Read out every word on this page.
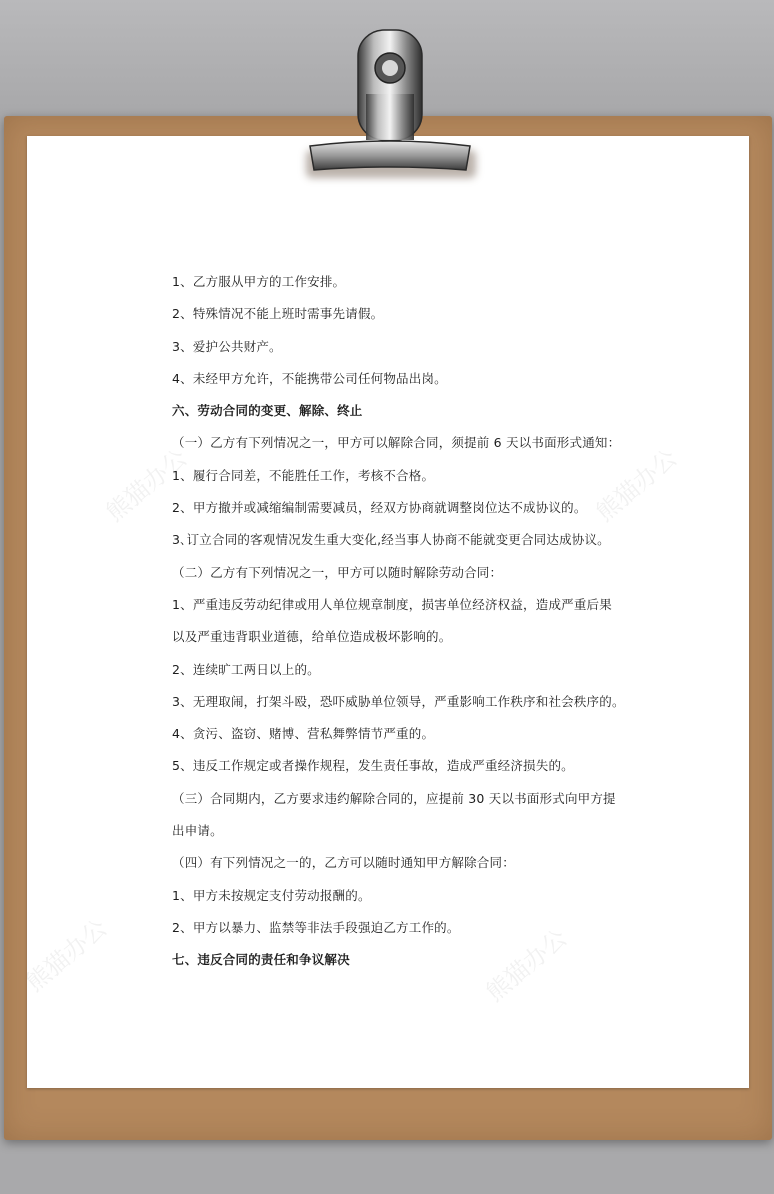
熊猫办公	熊猫办公
熊猫办公	熊猫办公
1、乙方服从甲方的工作安排。
2、特殊情况不能上班时需事先请假。
3、爱护公共财产。
4、未经甲方允许，不能携带公司任何物品出岗。
六、劳动合同的变更、解除、终止
（一）乙方有下列情况之一，甲方可以解除合同，须提前 6 天以书面形式通知：
1、履行合同差，不能胜任工作，考核不合格。
2、甲方撤并或减缩编制需要减员，经双方协商就调整岗位达不成协议的。
3､订立合同的客观情况发生重大变化,经当事人协商不能就变更合同达成协议。
（二）乙方有下列情况之一，甲方可以随时解除劳动合同：
1、严重违反劳动纪律或用人单位规章制度，损害单位经济权益，造成严重后果
以及严重违背职业道德，给单位造成极坏影响的。
2、连续旷工两日以上的。
3、无理取闹，打架斗殴，恐吓威胁单位领导，严重影响工作秩序和社会秩序的。
4、贪污、盗窃、赌博、营私舞弊情节严重的。
5、违反工作规定或者操作规程，发生责任事故，造成严重经济损失的。
（三）合同期内，乙方要求违约解除合同的，应提前 30 天以书面形式向甲方提
出申请。
（四）有下列情况之一的，乙方可以随时通知甲方解除合同：
1、甲方未按规定支付劳动报酬的。
2、甲方以暴力、监禁等非法手段强迫乙方工作的。
七、违反合同的责任和争议解决
